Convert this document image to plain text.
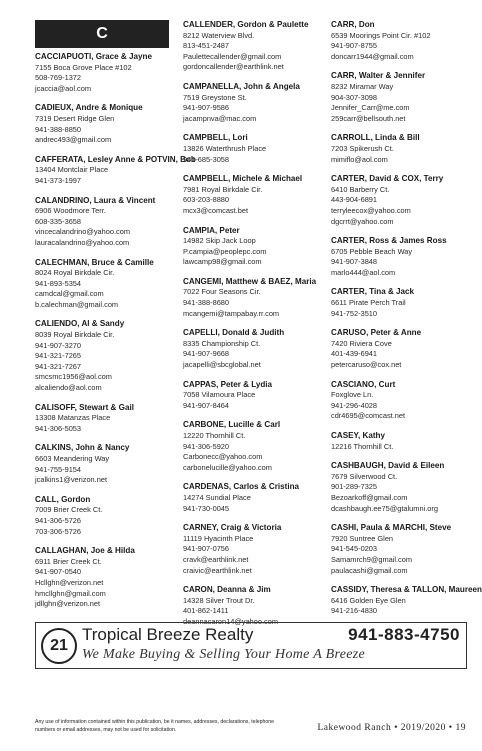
C
CACCIAPUOTI, Grace & Jayne
7155 Boca Grove Place #102
508-769-1372
jcaccia@aol.com
CADIEUX, Andre & Monique
7319 Desert Ridge Glen
941-388-8850
andrec493@gmail.com
CAFFERATA, Lesley Anne & POTVIN, Bob
13404 Montclair Place
941-373-1997
CALANDRINO, Laura & Vincent
6906 Woodmore Terr.
608-335-3658
vincecalandrino@yahoo.com
lauracalandrino@yahoo.com
CALECHMAN, Bruce & Camille
8024 Royal Birkdale Cir.
941-893-5354
camdcal@gmail.com
b.calechman@gmail.com
CALIENDO, Al & Sandy
8039 Royal Birkdale Cir.
941-907-3270
941-321-7265
941-321-7267
smcsmc1956@aol.com
alcaliendo@aol.com
CALISOFF, Stewart & Gail
13308 Matanzas Place
941-306-5053
CALKINS, John & Nancy
6603 Meandering Way
941-755-9154
jcalkins1@verizon.net
CALL, Gordon
7009 Brier Creek Ct.
941-306-5726
703-306-5726
CALLAGHAN, Joe & Hilda
6911 Brier Creek Ct.
941-907-0540
Hcllghn@verizon.net
hmcllghn@gmail.com
jdllghn@verizon.net
CALLENDER, Gordon & Paulette
8212 Waterview Blvd.
813-451-2487
Paulettecallender@gmail.com
gordoncallender@earthlink.net
CAMPANELLA, John & Angela
7519 Greystone St.
941-907-9586
jacampnva@mac.com
CAMPBELL, Lori
13826 Waterthrush Place
941-685-3058
CAMPBELL, Michele & Michael
7981 Royal Birkdale Cir.
603-203-8880
mcx3@comcast.bet
CAMPIA, Peter
14982 Skip Jack Loop
P.campia@peoplepc.com
lawcamp98@gmail.com
CANGEMI, Matthew & BAEZ, Maria
7022 Four Seasons Cir.
941-388-8680
mcangemi@tampabay.rr.com
CAPELLI, Donald & Judith
8335 Championship Ct.
941-907-9668
jacapelli@sbcglobal.net
CAPPAS, Peter & Lydia
7058 Vilamoura Place
941-907-8464
CARBONE, Lucille & Carl
12220 Thornhill Ct.
941-306-5920
Carbonecc@yahoo.com
carbonelucille@yahoo.com
CARDENAS, Carlos & Cristina
14274 Sundial Place
941-730-0045
CARNEY, Craig & Victoria
11119 Hyacinth Place
941-907-0756
cravk@earthlink.net
craivic@earthlink.net
CARON, Deanna & Jim
14328 Silver Trout Dr.
401-862-1411
deannacaron14@yahoo.com
CARR, Don
6539 Moorings Point Cir. #102
941-907-8755
doncarr1944@gmail.com
CARR, Walter & Jennifer
8232 Miramar Way
904-307-3098
Jennifer_Carr@me.com
259carr@bellsouth.net
CARROLL, Linda & Bill
7203 Spikerush Ct.
mimiflo@aol.com
CARTER, David & COX, Terry
6410 Barberry Ct.
443-904-6891
terryleecox@yahoo.com
dgcrrt@yahoo.com
CARTER, Ross & James Ross
6705 Pebble Beach Way
941-907-3848
marlo444@aol.com
CARTER, Tina & Jack
6611 Pirate Perch Trail
941-752-3510
CARUSO, Peter & Anne
7420 Riviera Cove
401-439-6941
petercaruso@cox.net
CASCIANO, Curt
Foxglove Ln.
941-296-4028
cdr4695@comcast.net
CASEY, Kathy
12216 Thornhill Ct.
CASHBAUGH, David & Eileen
7679 Silverwood Ct.
901-289-7325
Bezoarkoff@gmail.com
dcashbaugh.ee75@gtalumni.org
CASHI, Paula & MARCHI, Steve
7920 Suntree Glen
941-545-0203
Samamrch9@gmail.com
paulacashi@gmail.com
CASSIDY, Theresa & TALLON, Maureen
6416 Golden Eye Glen
941-216-4830
21
Tropical Breeze Realty	941-883-4750
We Make Buying & Selling Your Home A Breeze
Any use of information contained within this publication, be it names, addresses, declarations, telephone numbers or email addresses, may not be used for solicitation.	Lakewood Ranch • 2019/2020 • 19
